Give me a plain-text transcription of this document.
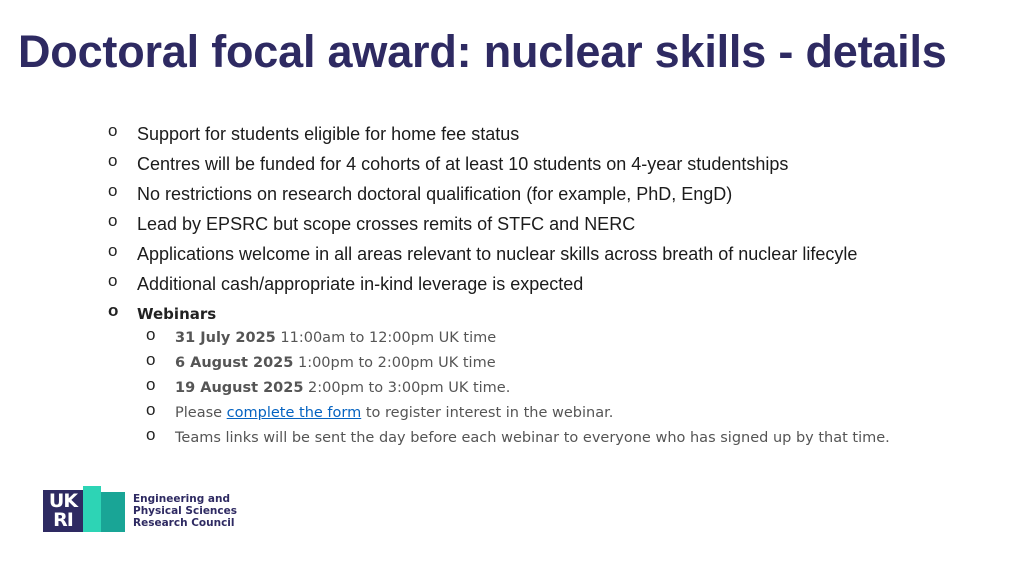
Doctoral focal award: nuclear skills - details
o Support for students eligible for home fee status
o Centres will be funded for 4 cohorts of at least 10 students on 4-year studentships
o No restrictions on research doctoral qualification (for example, PhD, EngD)
o Lead by EPSRC but scope crosses remits of STFC and NERC
o Applications welcome in all areas relevant to nuclear skills across breath of nuclear lifecyle
o Additional cash/appropriate in-kind leverage is expected
o Webinars
o 31 July 2025 11:00am to 12:00pm UK time
o 6 August 2025 1:00pm to 2:00pm UK time
o 19 August 2025 2:00pm to 3:00pm UK time.
o Please complete the form to register interest in the webinar.
o Teams links will be sent the day before each webinar to everyone who has signed up by that time.
UK
RI
Engineering and
Physical Sciences
Research Council
